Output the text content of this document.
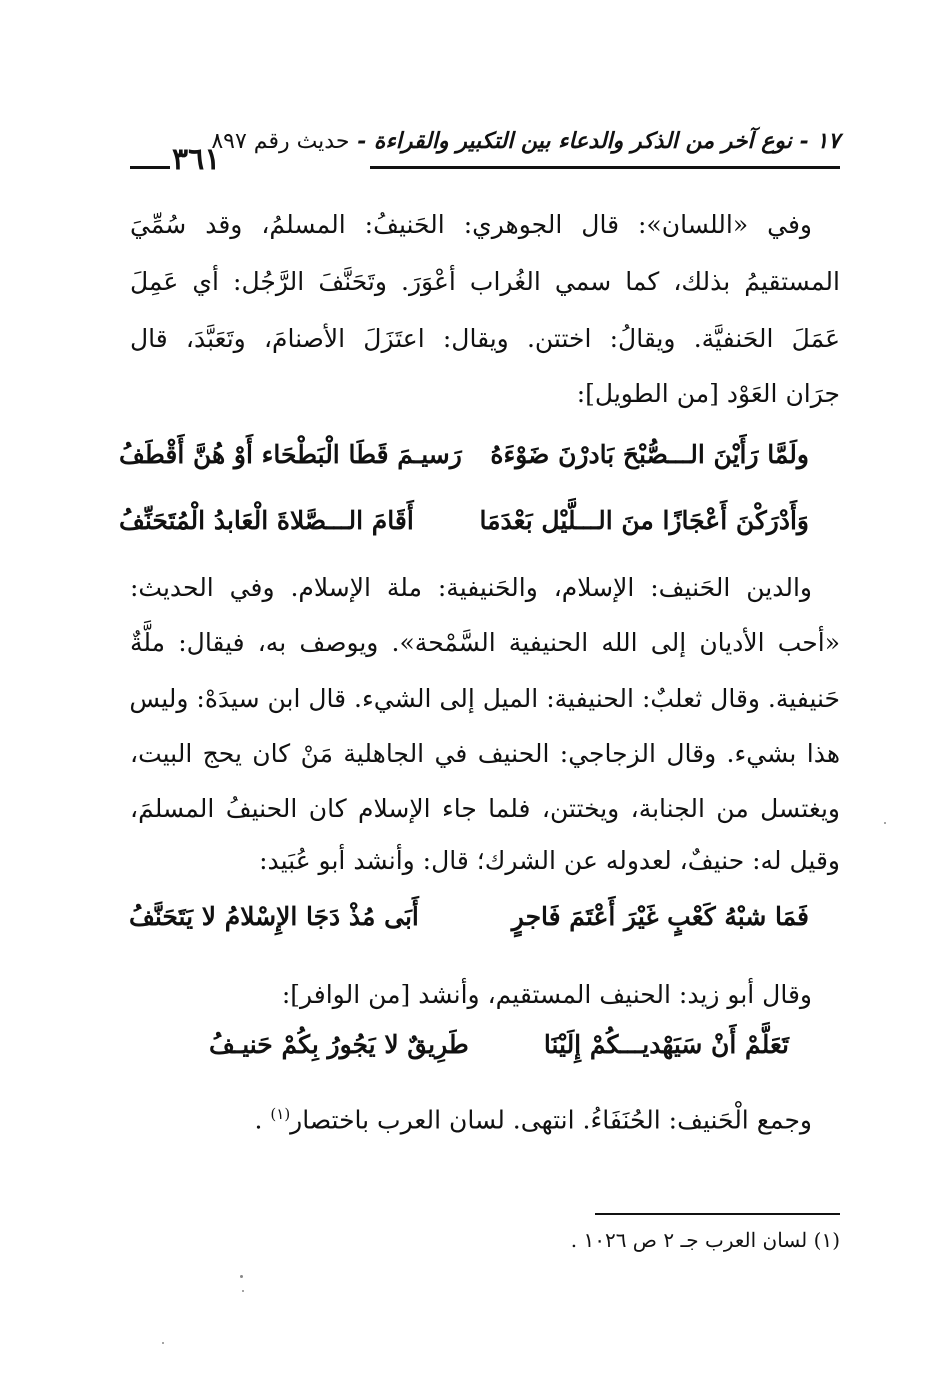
١٧ - نوع آخر من الذكر والدعاء بين التكبير والقراءة - حديث رقم ٨٩٧
٣٦١
وفي «اللسان»: قال الجوهري: الحَنيفُ: المسلمُ، وقد سُمِّيَ
المستقيمُ بذلك، كما سمي الغُراب أعْوَرَ. وتَحَنَّفَ الرَّجُل: أي عَمِلَ
عَمَلَ الحَنفيَّة. ويقالُ: اختتن. ويقال: اعتَزَلَ الأصنامَ، وتَعَبَّدَ، قال
جرَان العَوْد [من الطويل]:
ولَمَّا رَأَيْنَ الـــصُّبْحَ بَادرْنَ ضَوْءَهُ
رَسيـمَ قَطَا الْبَطْحَاء أَوْ هُنَّ أَقْطَفُ
وَأَدْرَكْنَ أَعْجَازًا منَ الـــلَّيْل بَعْدَمَا
أَقَامَ الـــصَّلاةَ الْعَابدُ الْمُتَحَنِّفُ
والدين الحَنيف: الإسلام، والحَنيفية: ملة الإسلام. وفي الحديث:
«أحب الأديان إلى الله الحنيفية السَّمْحة». ويوصف به، فيقال: ملَّةٌ
حَنيفية. وقال ثعلبٌ: الحنيفية: الميل إلى الشيء. قال ابن سيدَهْ: وليس
هذا بشيء. وقال الزجاجي: الحنيف في الجاهلية مَنْ كان يحج البيت،
ويغتسل من الجنابة، ويختتن، فلما جاء الإسلام كان الحنيفُ المسلمَ،
وقيل له: حنيفٌ، لعدوله عن الشرك؛ قال: وأنشد أبو عُبَيد:
فَمَا شبْهُ كَعْبٍ غَيْرَ أَعْتَمَ فَاجرٍ
أَبَى مُذْ دَجَا الإِسْلامُ لا يَتَحَنَّفُ
وقال أبو زيد: الحنيف المستقيم، وأنشد [من الوافر]:
تَعَلَّمْ أَنْ سَيَهْديـــكُمْ إِلَيْنَا
طَرِيقٌ لا يَجُورُ بِكُمْ حَنيـفُ
وجمع الْحَنيف: الحُنَفَاءُ. انتهى. لسان العرب باختصار$^{(١)}$ .
(١) لسان العرب جـ ٢ ص ١٠٢٦ .
